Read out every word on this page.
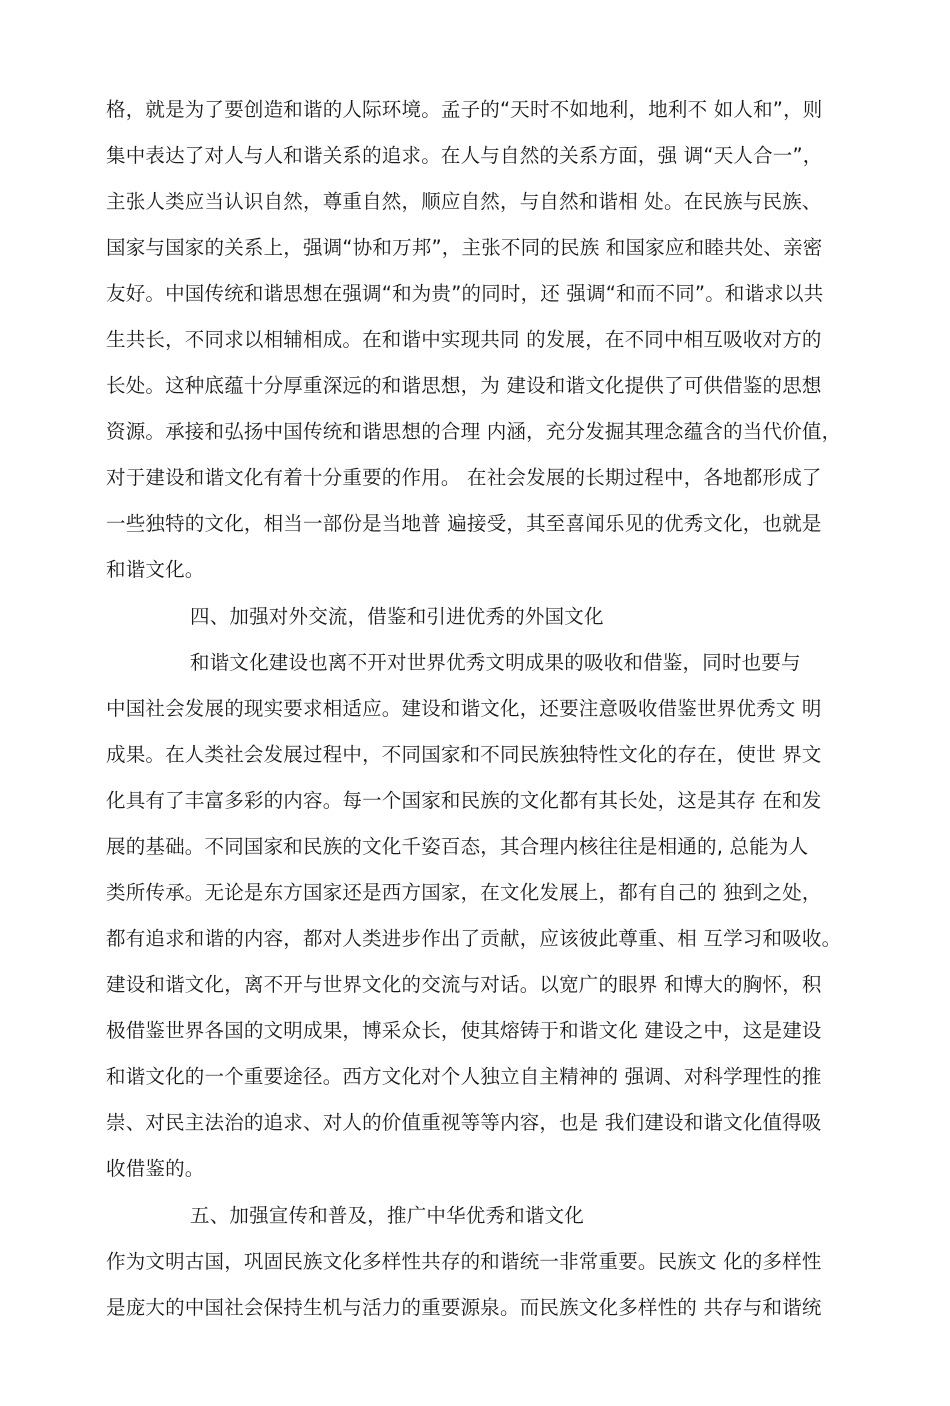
格，就是为了要创造和谐的人际环境。孟子的“天时不如地利，地利不 如人和”，则
集中表达了对人与人和谐关系的追求。在人与自然的关系方面，强 调“天人合一”，
主张人类应当认识自然，尊重自然，顺应自然，与自然和谐相 处。在民族与民族、
国家与国家的关系上，强调“协和万邦”，主张不同的民族 和国家应和睦共处、亲密
友好。中国传统和谐思想在强调“和为贵”的同时，还 强调“和而不同”。和谐求以共
生共长，不同求以相辅相成。在和谐中实现共同 的发展，在不同中相互吸收对方的
长处。这种底蕴十分厚重深远的和谐思想，为 建设和谐文化提供了可供借鉴的思想
资源。承接和弘扬中国传统和谐思想的合理 内涵，充分发掘其理念蕴含的当代价值，
对于建设和谐文化有着十分重要的作用。 在社会发展的长期过程中，各地都形成了
一些独特的文化，相当一部份是当地普 遍接受，其至喜闻乐见的优秀文化，也就是
和谐文化。
四、加强对外交流，借鉴和引进优秀的外国文化
和谐文化建设也离不开对世界优秀文明成果的吸收和借鉴，同时也要与
中国社会发展的现实要求相适应。建设和谐文化，还要注意吸收借鉴世界优秀文 明
成果。在人类社会发展过程中，不同国家和不同民族独特性文化的存在，使世 界文
化具有了丰富多彩的内容。每一个国家和民族的文化都有其长处，这是其存 在和发
展的基础。不同国家和民族的文化千姿百态，其合理内核往往是相通的, 总能为人
类所传承。无论是东方国家还是西方国家，在文化发展上，都有自己的 独到之处，
都有追求和谐的内容，都对人类进步作出了贡献，应该彼此尊重、相 互学习和吸收。
建设和谐文化，离不开与世界文化的交流与对话。以宽广的眼界 和博大的胸怀，积
极借鉴世界各国的文明成果，博采众长，使其熔铸于和谐文化 建设之中，这是建设
和谐文化的一个重要途径。西方文化对个人独立自主精神的 强调、对科学理性的推
崇、对民主法治的追求、对人的价值重视等等内容，也是 我们建设和谐文化值得吸
收借鉴的。
五、加强宣传和普及，推广中华优秀和谐文化
作为文明古国，巩固民族文化多样性共存的和谐统一非常重要。民族文 化的多样性
是庞大的中国社会保持生机与活力的重要源泉。而民族文化多样性的 共存与和谐统
